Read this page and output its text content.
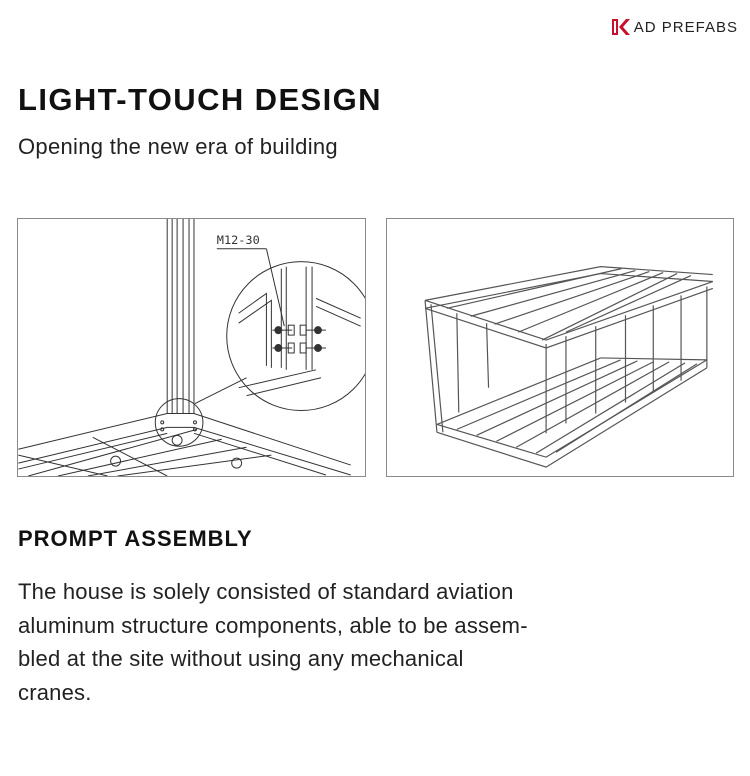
AD PREFABS
LIGHT-TOUCH DESIGN

Opening the new era of building

M12-30
PROMPT ASSEMBLY

The house is solely consisted of standard aviation
aluminum structure components, able to be assem-
bled at the site without using any mechanical
cranes.
